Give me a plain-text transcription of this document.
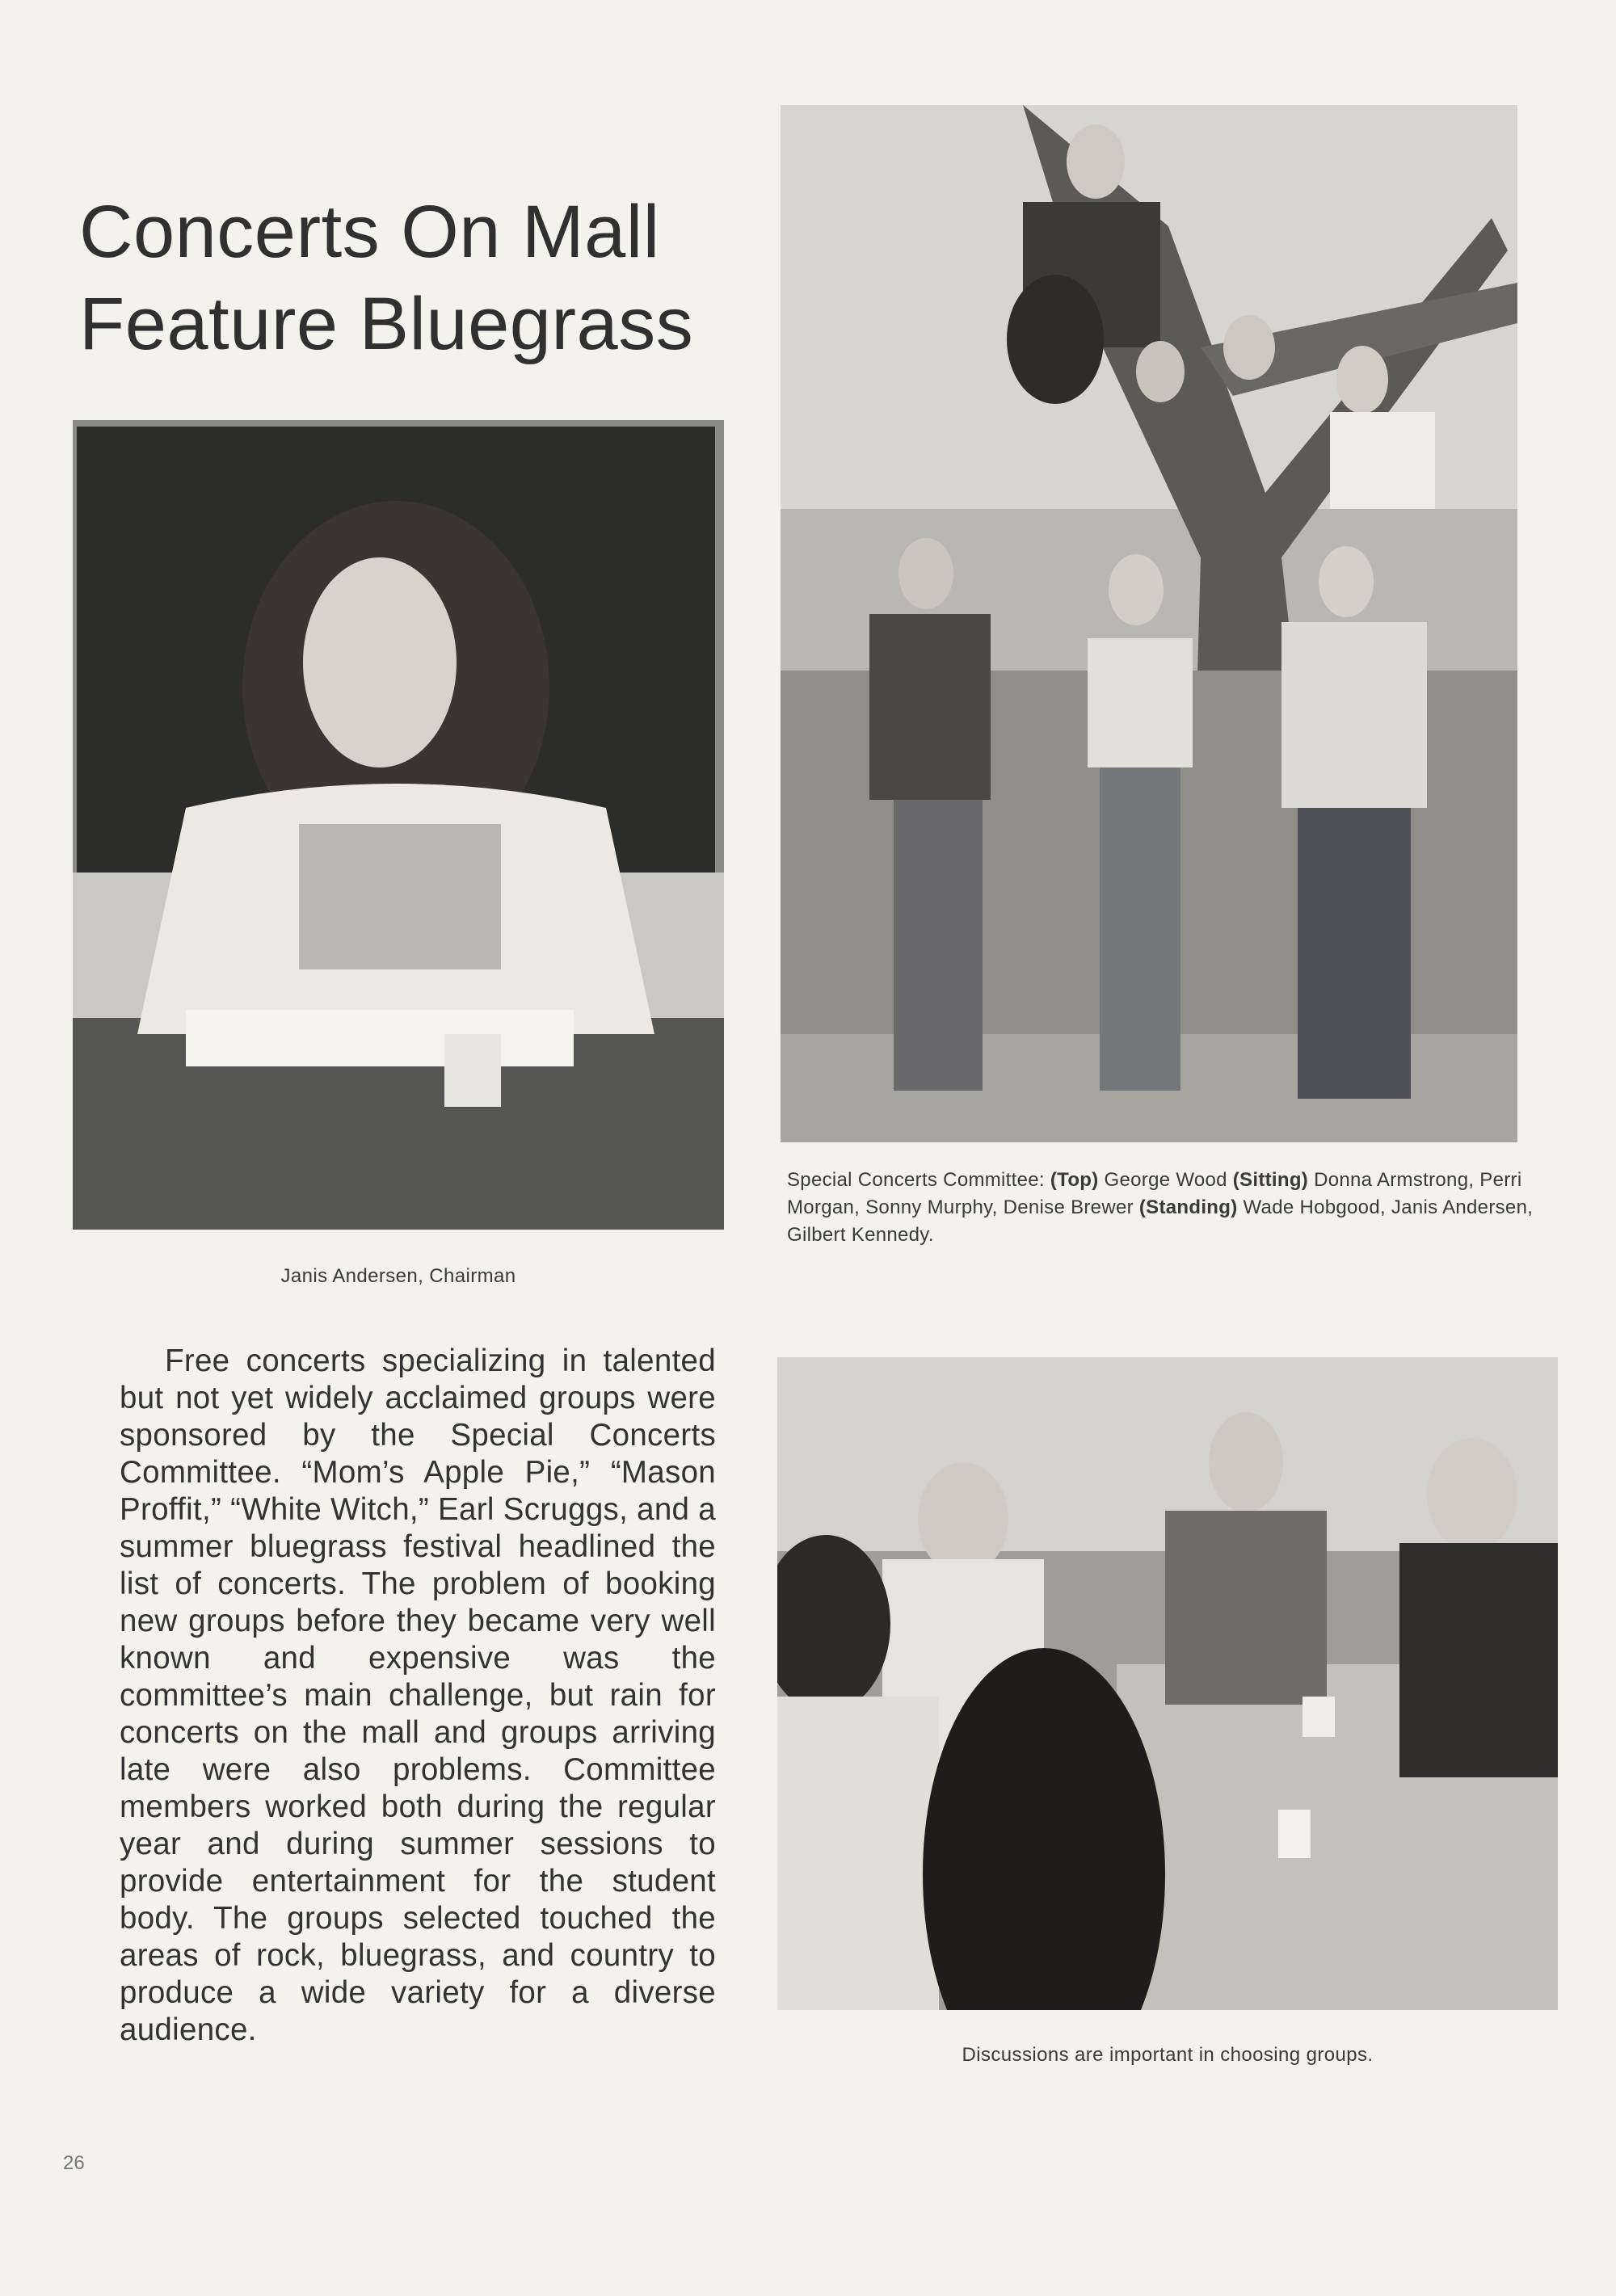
Concerts On Mall
Feature Bluegrass
Janis Andersen, Chairman
Special Concerts Committee: (Top) George Wood (Sitting) Donna Armstrong, Perri Morgan, Sonny Murphy, Denise Brewer (Standing) Wade Hobgood, Janis Andersen, Gilbert Kennedy.
Free concerts specializing in talented but not yet widely acclaimed groups were sponsored by the Special Concerts Committee. “Mom’s Apple Pie,” “Mason Proffit,” “White Witch,” Earl Scruggs, and a summer bluegrass festival headlined the list of concerts. The problem of booking new groups before they became very well known and expensive was the committee’s main challenge, but rain for concerts on the mall and groups arriving late were also problems. Committee members worked both during the regular year and during summer sessions to provide entertainment for the student body. The groups selected touched the areas of rock, bluegrass, and country to produce a wide variety for a diverse audience.
Discussions are important in choosing groups.
26
